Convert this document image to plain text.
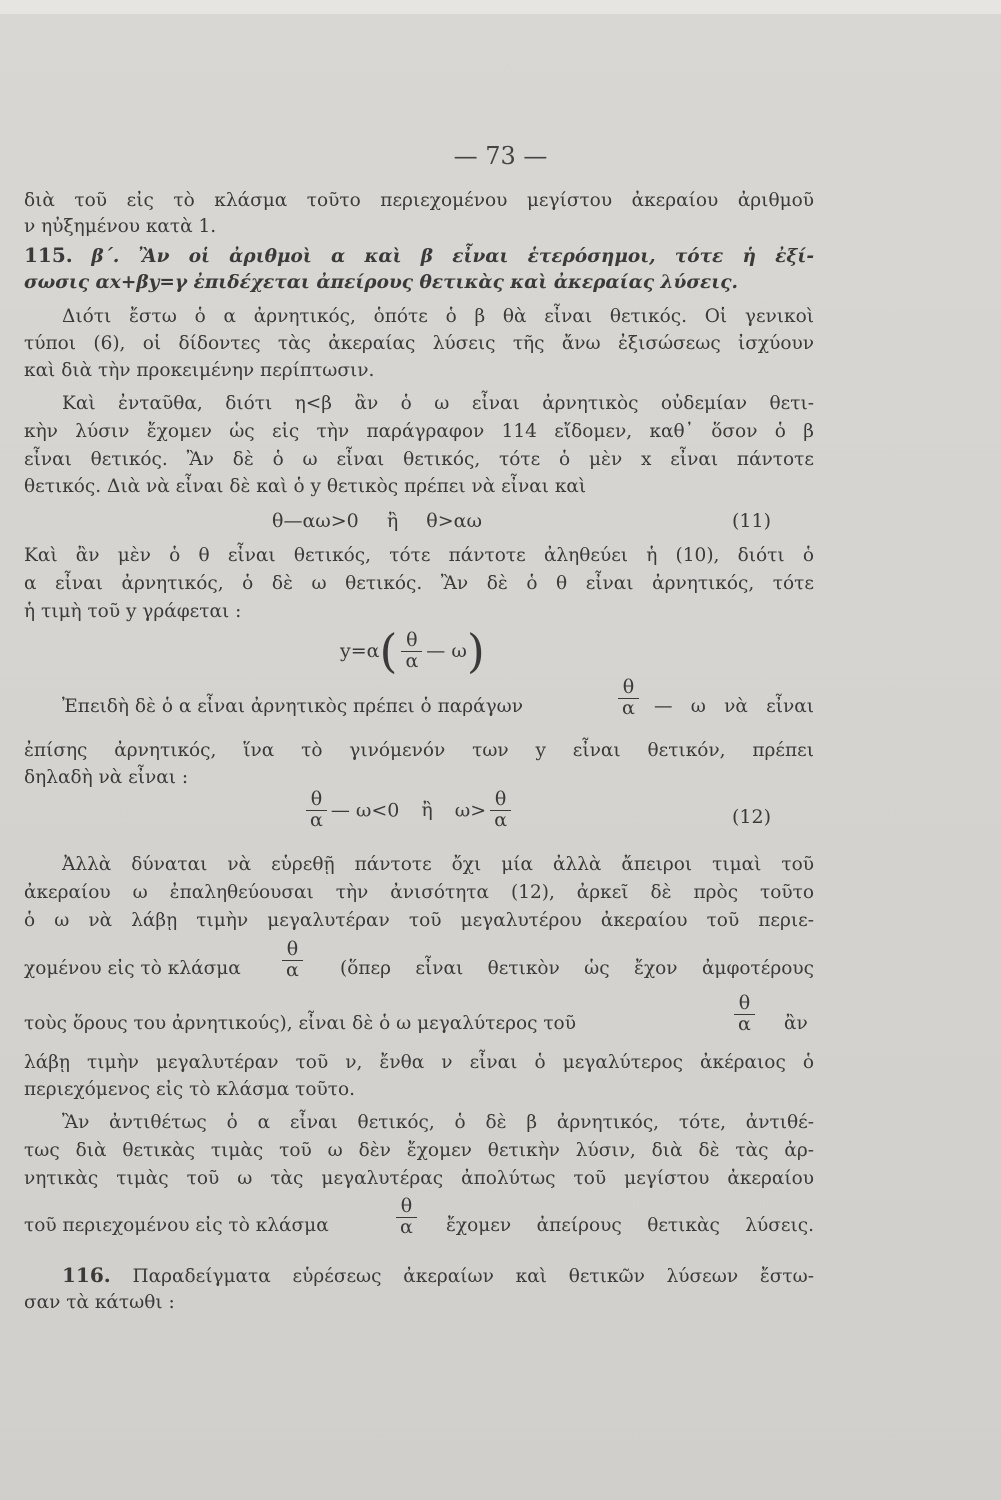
— 73 —
διὰ τοῦ εἰς τὸ κλάσμα τοῦτο περιεχομένου μεγίστου ἀκεραίου ἀριθμοῦ
ν ηὐξημένου κατὰ 1.
115. β΄. Ἂν οἱ ἀριθμοὶ α καὶ β εἶναι ἑτερόσημοι, τότε ἡ ἐξί-
σωσις αx+βy=γ ἐπιδέχεται ἀπείρους θετικὰς καὶ ἀκεραίας λύσεις.
Διότι ἔστω ὁ α ἀρνητικός, ὁπότε ὁ β θὰ εἶναι θετικός. Οἱ γενικοὶ
τύποι (6), οἱ δίδοντες τὰς ἀκεραίας λύσεις τῆς ἄνω ἐξισώσεως ἰσχύουν
καὶ διὰ τὴν προκειμένην περίπτωσιν.
Καὶ ἐνταῦθα, διότι η<β ἂν ὁ ω εἶναι ἀρνητικὸς οὐδεμίαν θετι-
κὴν λύσιν ἔχομεν ὡς εἰς τὴν παράγραφον 114 εἴδομεν, καθ᾽ ὅσον ὁ β
εἶναι θετικός. Ἂν δὲ ὁ ω εἶναι θετικός, τότε ὁ μὲν x εἶναι πάντοτε
θετικός. Διὰ νὰ εἶναι δὲ καὶ ὁ y θετικὸς πρέπει νὰ εἶναι καὶ
θ—αω>0 ἢ θ>αω	(11)
Καὶ ἂν μὲν ὁ θ εἶναι θετικός, τότε πάντοτε ἀληθεύει ἡ (10), διότι ὁ
α εἶναι ἀρνητικός, ὁ δὲ ω θετικός. Ἂν δὲ ὁ θ εἶναι ἀρνητικός, τότε
ἡ τιμὴ τοῦ y γράφεται :
$y=\alpha( \frac{\theta}{\alpha}$ — ω)
Ἐπειδὴ δὲ ὁ α εἶναι ἀρνητικὸς πρέπει ὁ παράγων	$\frac{\theta}{\alpha}$ — ω νὰ εἶναι
ἐπίσης ἀρνητικός, ἵνα τὸ γινόμενόν των y εἶναι θετικόν, πρέπει
δηλαδὴ νὰ εἶναι :
$\frac{\theta}{\alpha}$ — ω<0 ἢ $\omega> \frac{\theta}{\alpha}$	(12)
Ἀλλὰ δύναται νὰ εὑρεθῇ πάντοτε ὄχι μία ἀλλὰ ἄπειροι τιμαὶ τοῦ
ἀκεραίου ω ἐπαληθεύουσαι τὴν ἀνισότητα (12), ἀρκεῖ δὲ πρὸς τοῦτο
ὁ ω νὰ λάβῃ τιμὴν μεγαλυτέραν τοῦ μεγαλυτέρου ἀκεραίου τοῦ περιε-
χομένου εἰς τὸ κλάσμα	$\frac{\theta}{\alpha}$ (ὅπερ εἶναι θετικὸν ὡς ἔχον ἀμφοτέρους
τοὺς ὅρους του ἀρνητικούς), εἶναι δὲ ὁ ω μεγαλύτερος τοῦ	$\frac{\theta}{\alpha}$ ἂν
λάβῃ τιμὴν μεγαλυτέραν τοῦ ν, ἔνθα ν εἶναι ὁ μεγαλύτερος ἀκέραιος ὁ
περιεχόμενος εἰς τὸ κλάσμα τοῦτο.
Ἂν ἀντιθέτως ὁ α εἶναι θετικός, ὁ δὲ β ἀρνητικός, τότε, ἀντιθέ-
τως διὰ θετικὰς τιμὰς τοῦ ω δὲν ἔχομεν θετικὴν λύσιν, διὰ δὲ τὰς ἀρ-
νητικὰς τιμὰς τοῦ ω τὰς μεγαλυτέρας ἀπολύτως τοῦ μεγίστου ἀκεραίου
τοῦ περιεχομένου εἰς τὸ κλάσμα	$\frac{\theta}{\alpha}$ ἔχομεν ἀπείρους θετικὰς λύσεις.
116. Παραδείγματα εὑρέσεως ἀκεραίων καὶ θετικῶν λύσεων ἔστω-
σαν τὰ κάτωθι :
